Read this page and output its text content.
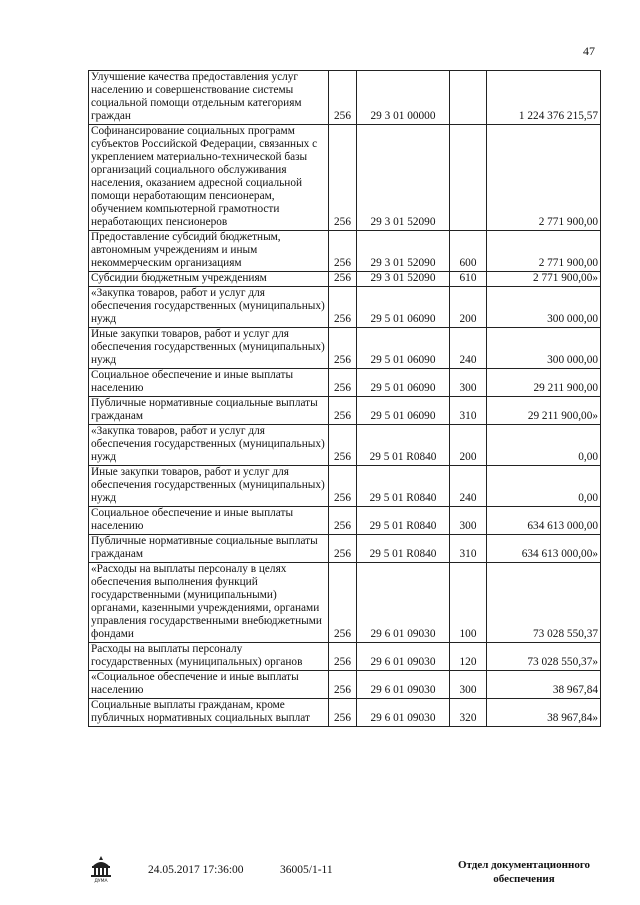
47
Улучшение качества предоставления услуг населению и совершенствование системы социальной помощи отдельным категориям граждан	256	29 3 01 00000		1 224 376 215,57
Софинансирование социальных программ субъектов Российской Федерации, связанных с укреплением материально-технической базы организаций социального обслуживания населения, оказанием адресной социальной помощи неработающим пенсионерам, обучением компьютерной грамотности неработающих пенсионеров	256	29 3 01 52090		2 771 900,00
Предоставление субсидий бюджетным, автономным учреждениям и иным некоммерческим организациям	256	29 3 01 52090	600	2 771 900,00
Субсидии бюджетным учреждениям	256	29 3 01 52090	610	2 771 900,00»
«Закупка товаров, работ и услуг для обеспечения государственных (муниципальных) нужд	256	29 5 01 06090	200	300 000,00
Иные закупки товаров, работ и услуг для обеспечения государственных (муниципальных) нужд	256	29 5 01 06090	240	300 000,00
Социальное обеспечение и иные выплаты населению	256	29 5 01 06090	300	29 211 900,00
Публичные нормативные социальные выплаты гражданам	256	29 5 01 06090	310	29 211 900,00»
«Закупка товаров, работ и услуг для обеспечения государственных (муниципальных) нужд	256	29 5 01 R0840	200	0,00
Иные закупки товаров, работ и услуг для обеспечения государственных (муниципальных) нужд	256	29 5 01 R0840	240	0,00
Социальное обеспечение и иные выплаты населению	256	29 5 01 R0840	300	634 613 000,00
Публичные нормативные социальные выплаты гражданам	256	29 5 01 R0840	310	634 613 000,00»
«Расходы на выплаты персоналу в целях обеспечения выполнения функций государственными (муниципальными) органами, казенными учреждениями, органами управления государственными внебюджетными фондами	256	29 6 01 09030	100	73 028 550,37
Расходы на выплаты персоналу государственных (муниципальных) органов	256	29 6 01 09030	120	73 028 550,37»
«Социальное обеспечение и иные выплаты населению	256	29 6 01 09030	300	38 967,84
Социальные выплаты гражданам, кроме публичных нормативных социальных выплат	256	29 6 01 09030	320	38 967,84»
ДУМА
24.05.2017 17:36:00	36005/1-11	Отдел документационного
обеспечения
